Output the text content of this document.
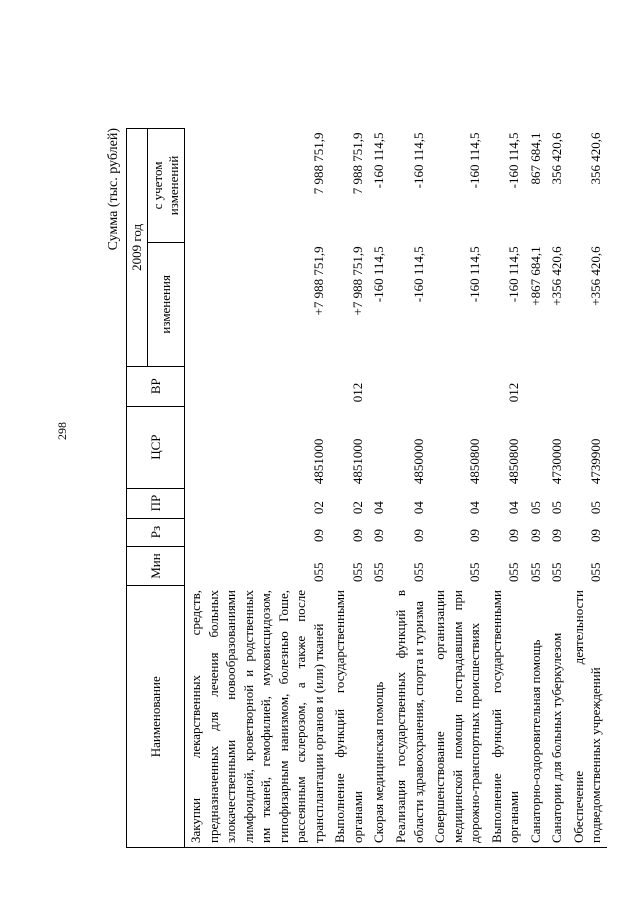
298
Сумма (тыс. рублей)
Наименование	Мин	Рз	ПР	ЦСР	ВР	2009 год	
						изменения	с учетом изменений
Закупки лекарственных средств, предназначенных для лечения больных злокачественными новообразованиями лимфоидной, кроветворной и родственных им тканей, гемофилией, муковисцидозом, гипофизарным нанизмом, болезнью Гоше, рассеянным склерозом, а также после трансплантации органов и (или) тканей	055	09	02	4851000		+7 988 751,9	7 988 751,9
Выполнение функций государственными органами	055	09	02	4851000	012	+7 988 751,9	7 988 751,9
Скорая медицинская помощь	055	09	04			-160 114,5	-160 114,5
Реализация государственных функций в области здравоохранения, спорта и туризма	055	09	04	4850000		-160 114,5	-160 114,5
Совершенствование организации медицинской помощи пострадавшим при дорожно-транспортных происшествиях	055	09	04	4850800		-160 114,5	-160 114,5
Выполнение функций государственными органами	055	09	04	4850800	012	-160 114,5	-160 114,5
Санаторно-оздоровительная помощь	055	09	05			+867 684,1	867 684,1
Санатории для больных туберкулезом	055	09	05	4730000		+356 420,6	356 420,6
Обеспечение деятельности подведомственных учреждений	055	09	05	4739900		+356 420,6	356 420,6
